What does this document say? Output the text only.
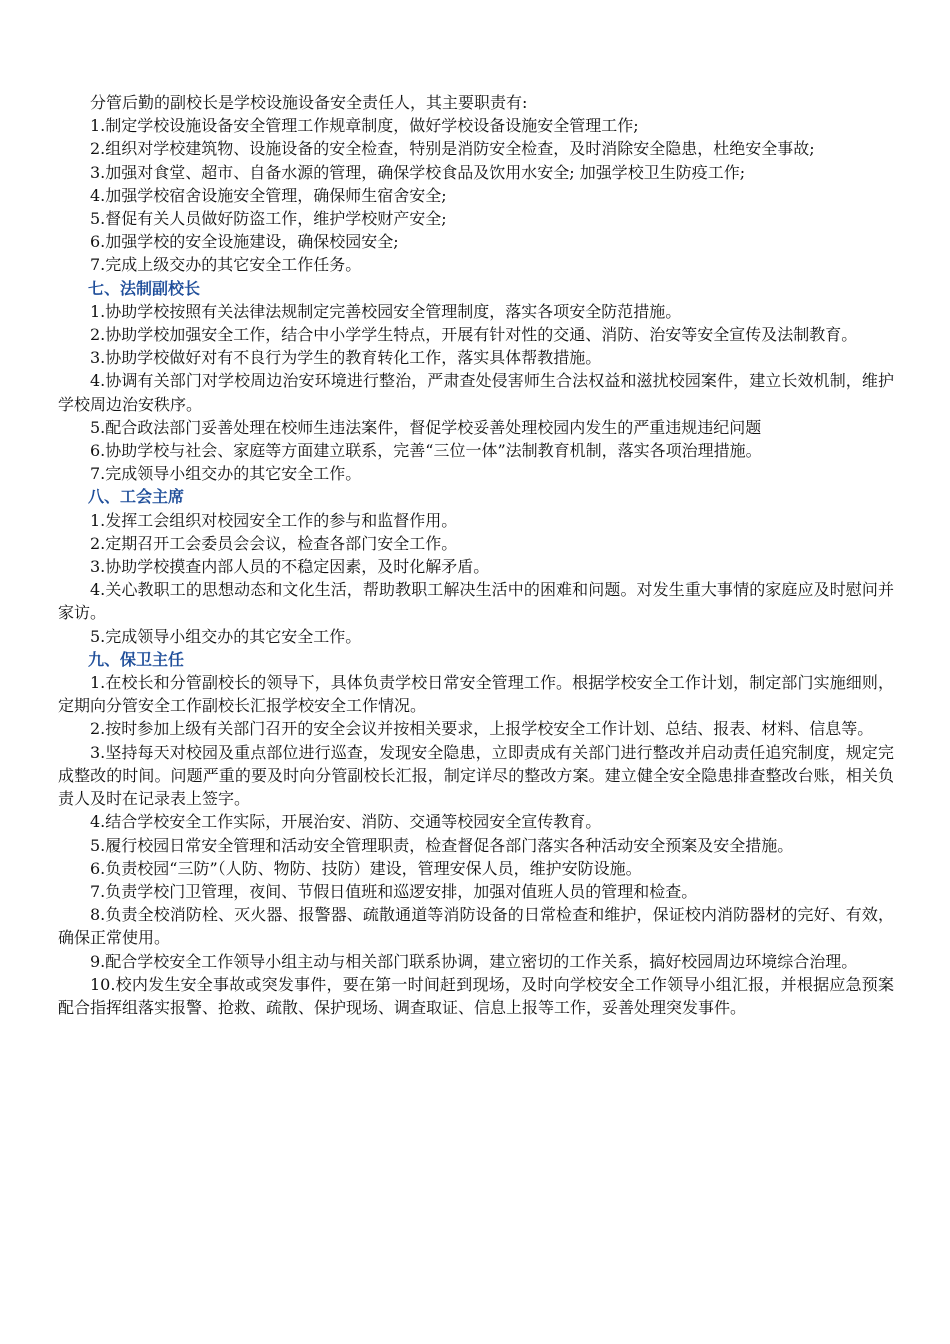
分管后勤的副校长是学校设施设备安全责任人，其主要职责有:

1.制定学校设施设备安全管理工作规章制度，做好学校设备设施安全管理工作;

2.组织对学校建筑物、设施设备的安全检查，特别是消防安全检查，及时消除安全隐患，杜绝安全事故;

3.加强对食堂、超市、自备水源的管理，确保学校食品及饮用水安全; 加强学校卫生防疫工作;

4.加强学校宿舍设施安全管理，确保师生宿舍安全;

5.督促有关人员做好防盗工作，维护学校财产安全;

6.加强学校的安全设施建设，确保校园安全;

7.完成上级交办的其它安全工作任务。

七、法制副校长

1.协助学校按照有关法律法规制定完善校园安全管理制度，落实各项安全防范措施。

2.协助学校加强安全工作，结合中小学学生特点，开展有针对性的交通、消防、治安等安全宣传及法制教育。

3.协助学校做好对有不良行为学生的教育转化工作，落实具体帮教措施。

4.协调有关部门对学校周边治安环境进行整治，严肃查处侵害师生合法权益和滋扰校园案件，建立长效机制，维护学校周边治安秩序。

5.配合政法部门妥善处理在校师生违法案件，督促学校妥善处理校园内发生的严重违规违纪问题

6.协助学校与社会、家庭等方面建立联系，完善“三位一体”法制教育机制，落实各项治理措施。

7.完成领导小组交办的其它安全工作。

八、工会主席

1.发挥工会组织对校园安全工作的参与和监督作用。

2.定期召开工会委员会会议，检查各部门安全工作。

3.协助学校摸查内部人员的不稳定因素，及时化解矛盾。

4.关心教职工的思想动态和文化生活，帮助教职工解决生活中的困难和问题。对发生重大事情的家庭应及时慰问并家访。

5.完成领导小组交办的其它安全工作。

九、保卫主任

1.在校长和分管副校长的领导下，具体负责学校日常安全管理工作。根据学校安全工作计划，制定部门实施细则，定期向分管安全工作副校长汇报学校安全工作情况。

2.按时参加上级有关部门召开的安全会议并按相关要求，上报学校安全工作计划、总结、报表、材料、信息等。

3.坚持每天对校园及重点部位进行巡查，发现安全隐患，立即责成有关部门进行整改并启动责任追究制度，规定完成整改的时间。问题严重的要及时向分管副校长汇报，制定详尽的整改方案。建立健全安全隐患排查整改台账，相关负责人及时在记录表上签字。

4.结合学校安全工作实际，开展治安、消防、交通等校园安全宣传教育。

5.履行校园日常安全管理和活动安全管理职责，检查督促各部门落实各种活动安全预案及安全措施。

6.负责校园“三防”（人防、物防、技防）建设，管理安保人员，维护安防设施。

7.负责学校门卫管理，夜间、节假日值班和巡逻安排，加强对值班人员的管理和检查。

8.负责全校消防栓、灭火器、报警器、疏散通道等消防设备的日常检查和维护，保证校内消防器材的完好、有效，确保正常使用。

9.配合学校安全工作领导小组主动与相关部门联系协调，建立密切的工作关系，搞好校园周边环境综合治理。

10.校内发生安全事故或突发事件，要在第一时间赶到现场，及时向学校安全工作领导小组汇报，并根据应急预案配合指挥组落实报警、抢救、疏散、保护现场、调查取证、信息上报等工作，妥善处理突发事件。
